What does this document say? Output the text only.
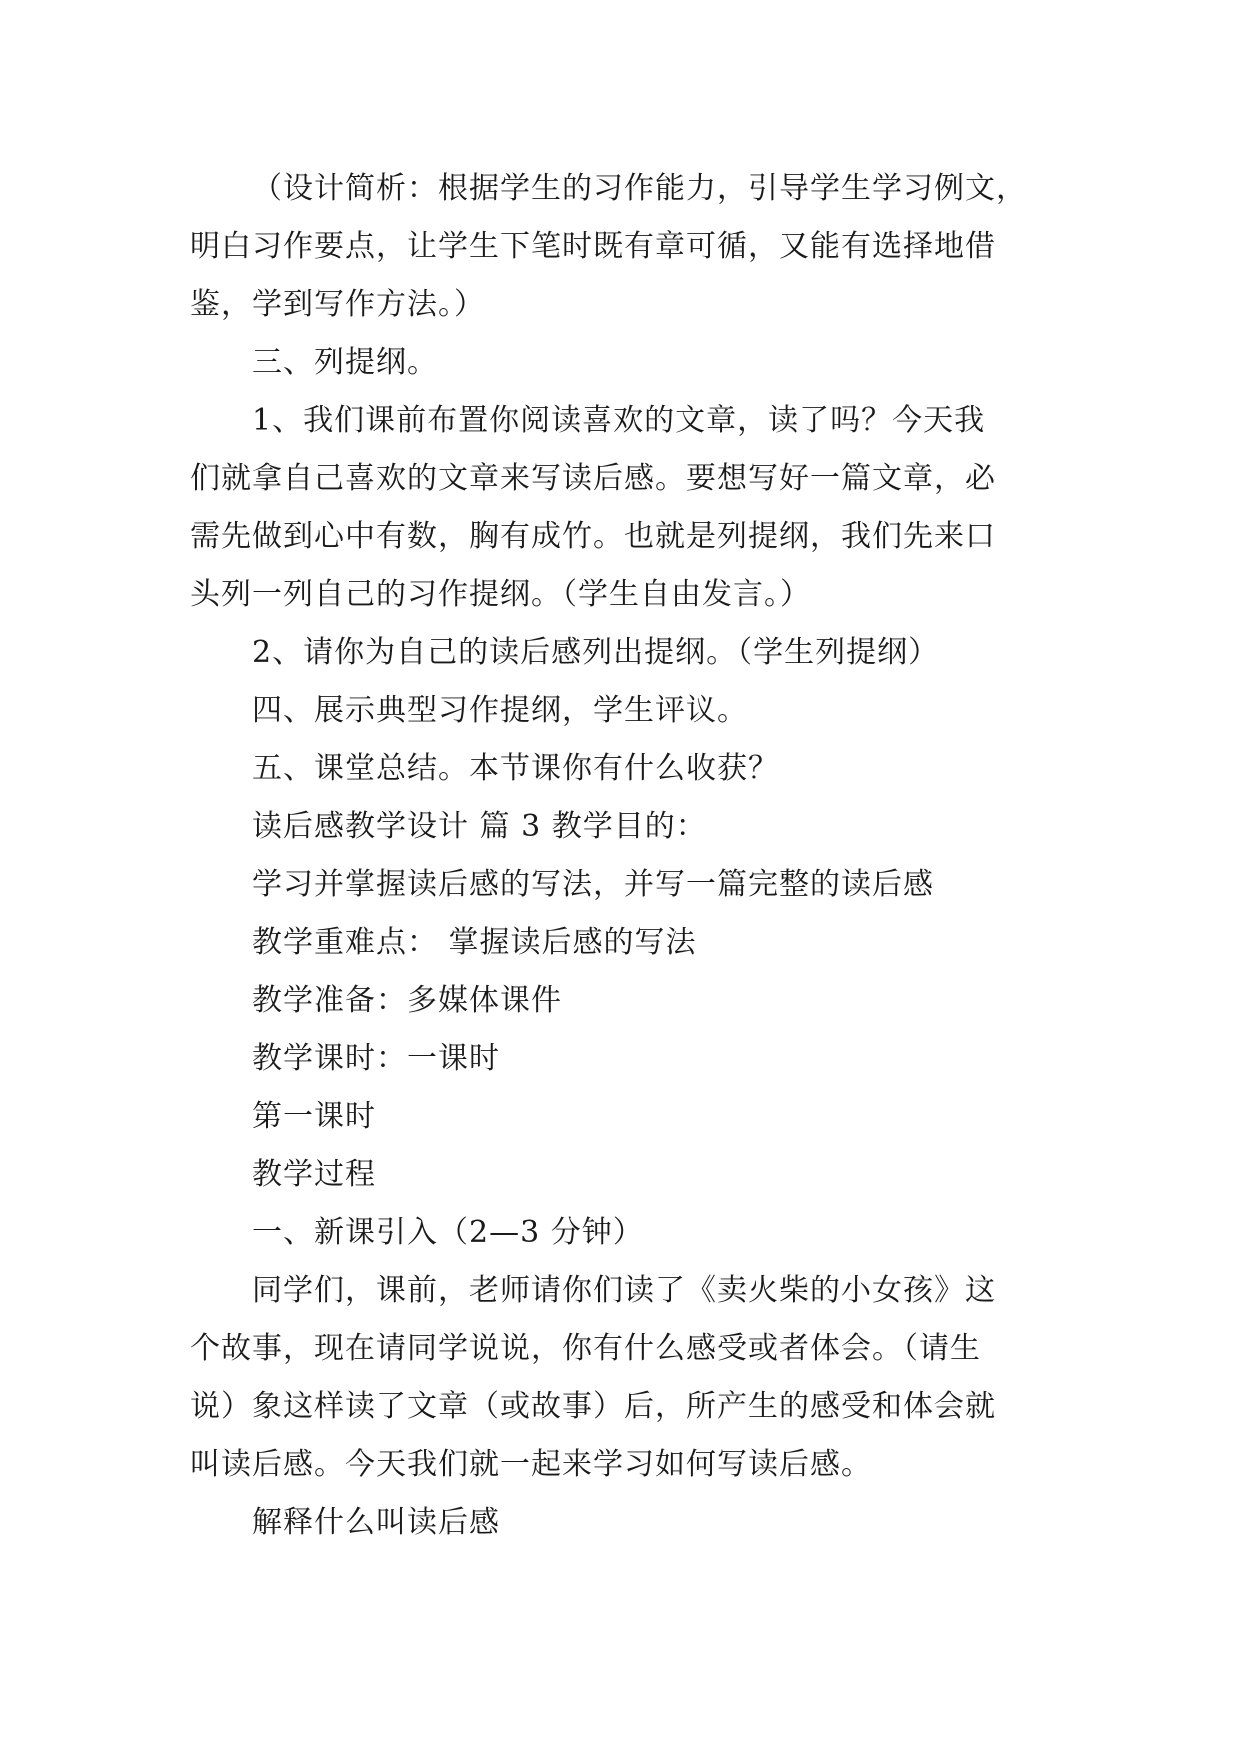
（设计简析：根据学生的习作能力，引导学生学习例文，
明白习作要点，让学生下笔时既有章可循，又能有选择地借
鉴，学到写作方法。）

三、列提纲。

1、我们课前布置你阅读喜欢的文章，读了吗？今天我
们就拿自己喜欢的文章来写读后感。要想写好一篇文章，必
需先做到心中有数，胸有成竹。也就是列提纲，我们先来口
头列一列自己的习作提纲。（学生自由发言。）

2、请你为自己的读后感列出提纲。（学生列提纲）

四、展示典型习作提纲，学生评议。

五、课堂总结。本节课你有什么收获？

读后感教学设计 篇 3 教学目的：

学习并掌握读后感的写法，并写一篇完整的读后感

教学重难点： 掌握读后感的写法

教学准备：多媒体课件

教学课时：一课时

第一课时

教学过程

一、新课引入（2—3 分钟）

同学们，课前，老师请你们读了《卖火柴的小女孩》这
个故事，现在请同学说说，你有什么感受或者体会。（请生
说）象这样读了文章（或故事）后，所产生的感受和体会就
叫读后感。今天我们就一起来学习如何写读后感。

解释什么叫读后感
